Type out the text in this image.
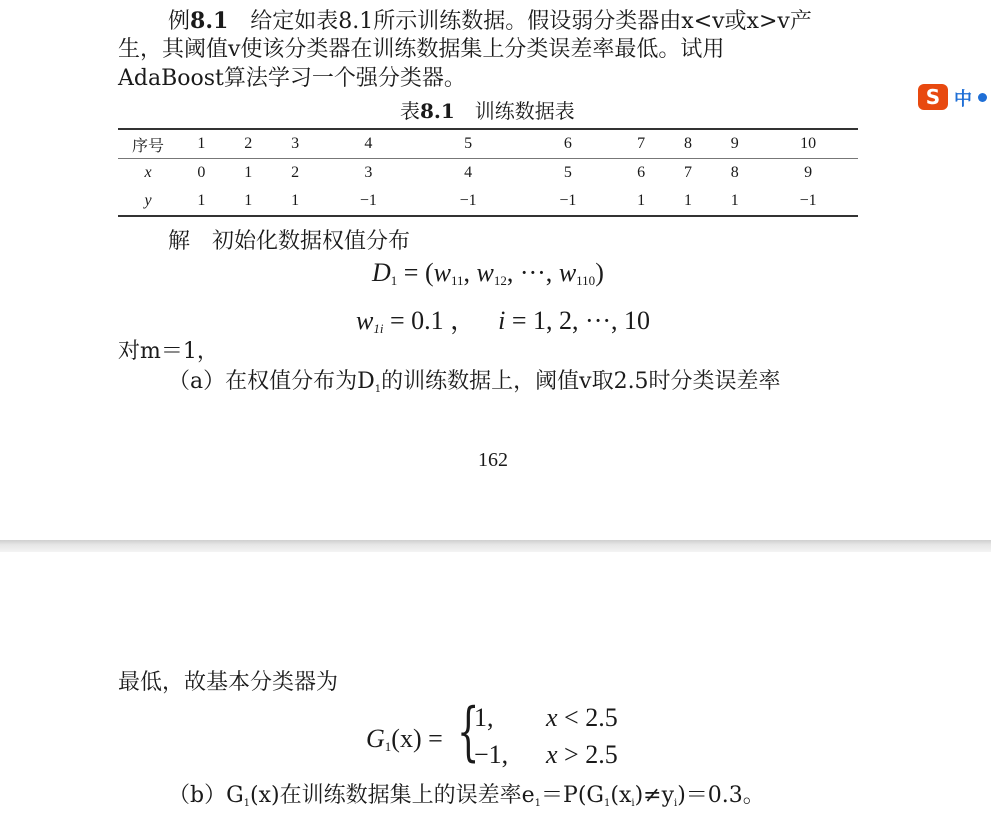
例8.1　给定如表8.1所示训练数据。假设弱分类器由x<v或x>v产
生，其阈值v使该分类器在训练数据集上分类误差率最低。试用
AdaBoost算法学习一个强分类器。
表8.1　训练数据表
序号	1	2	3	4	5	6	7	8	9	10
x	0	1	2	3	4	5	6	7	8	9
y	1	1	1	−1	−1	−1	1	1	1	−1
解　初始化数据权值分布
$D_1 = (w_{11}$, $w_{12}$, ···, $w_{110}$)
$w_{1i} = 0.1$ ， i = 1, 2, ···, 10
对m＝1，
（a）在权值分布为$D_1$的训练数据上，阈值v取2.5时分类误差率
162
S 中
最低，故基本分类器为
$G_1(x)$ = {
1, x < 2.5
−1, x > 2.5
$(b)G_1(x)$在训练数据集上的误差率$e_1=P(G_1(x_i)\ne y_i)=0.3$。
